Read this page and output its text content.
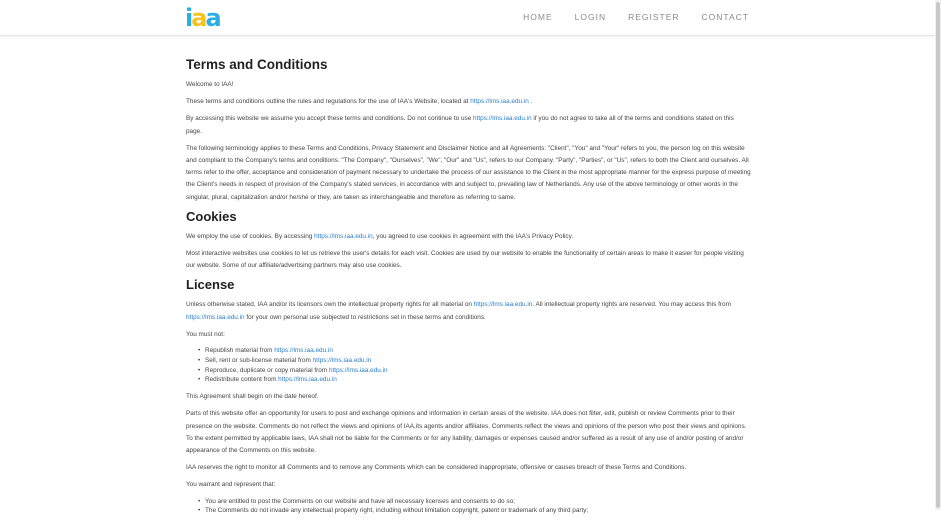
iaa	HOME	LOGIN	REGISTER	CONTACT
Terms and Conditions

Welcome to IAA!

These terms and conditions outline the rules and regulations for the use of IAA's Website, located at https://lms.iaa.edu.in .

By accessing this website we assume you accept these terms and conditions. Do not continue to use https://lms.iaa.edu.in if you do not agree to take all of the terms and conditions stated on this page.

The following terminology applies to these Terms and Conditions, Privacy Statement and Disclaimer Notice and all Agreements: "Client", "You" and "Your" refers to you, the person log on this website and compliant to the Company's terms and conditions. "The Company", "Ourselves", "We", "Our" and "Us", refers to our Company. "Party", "Parties", or "Us", refers to both the Client and ourselves. All terms refer to the offer, acceptance and consideration of payment necessary to undertake the process of our assistance to the Client in the most appropriate manner for the express purpose of meeting the Client's needs in respect of provision of the Company's stated services, in accordance with and subject to, prevailing law of Netherlands. Any use of the above terminology or other words in the singular, plural, capitalization and/or he/she or they, are taken as interchangeable and therefore as referring to same.

Cookies

We employ the use of cookies. By accessing https://lms.iaa.edu.in, you agreed to use cookies in agreement with the IAA's Privacy Policy.

Most interactive websites use cookies to let us retrieve the user's details for each visit. Cookies are used by our website to enable the functionality of certain areas to make it easier for people visiting our website. Some of our affiliate/advertising partners may also use cookies.

License

Unless otherwise stated, IAA and/or its licensors own the intellectual property rights for all material on https://lms.iaa.edu.in. All intellectual property rights are reserved. You may access this from https://lms.iaa.edu.in for your own personal use subjected to restrictions set in these terms and conditions.

You must not:

• Republish material from https://lms.iaa.edu.in
• Sell, rent or sub-license material from https://lms.iaa.edu.in
• Reproduce, duplicate or copy material from https://lms.iaa.edu.in
• Redistribute content from https://lms.iaa.edu.in

This Agreement shall begin on the date hereof.

Parts of this website offer an opportunity for users to post and exchange opinions and information in certain areas of the website. IAA does not filter, edit, publish or review Comments prior to their presence on the website. Comments do not reflect the views and opinions of IAA,its agents and/or affiliates. Comments reflect the views and opinions of the person who post their views and opinions. To the extent permitted by applicable laws, IAA shall not be liable for the Comments or for any liability, damages or expenses caused and/or suffered as a result of any use of and/or posting of and/or appearance of the Comments on this website.

IAA reserves the right to monitor all Comments and to remove any Comments which can be considered inappropriate, offensive or causes breach of these Terms and Conditions.

You warrant and represent that:

• You are entitled to post the Comments on our website and have all necessary licenses and consents to do so;
• The Comments do not invade any intellectual property right, including without limitation copyright, patent or trademark of any third party;
